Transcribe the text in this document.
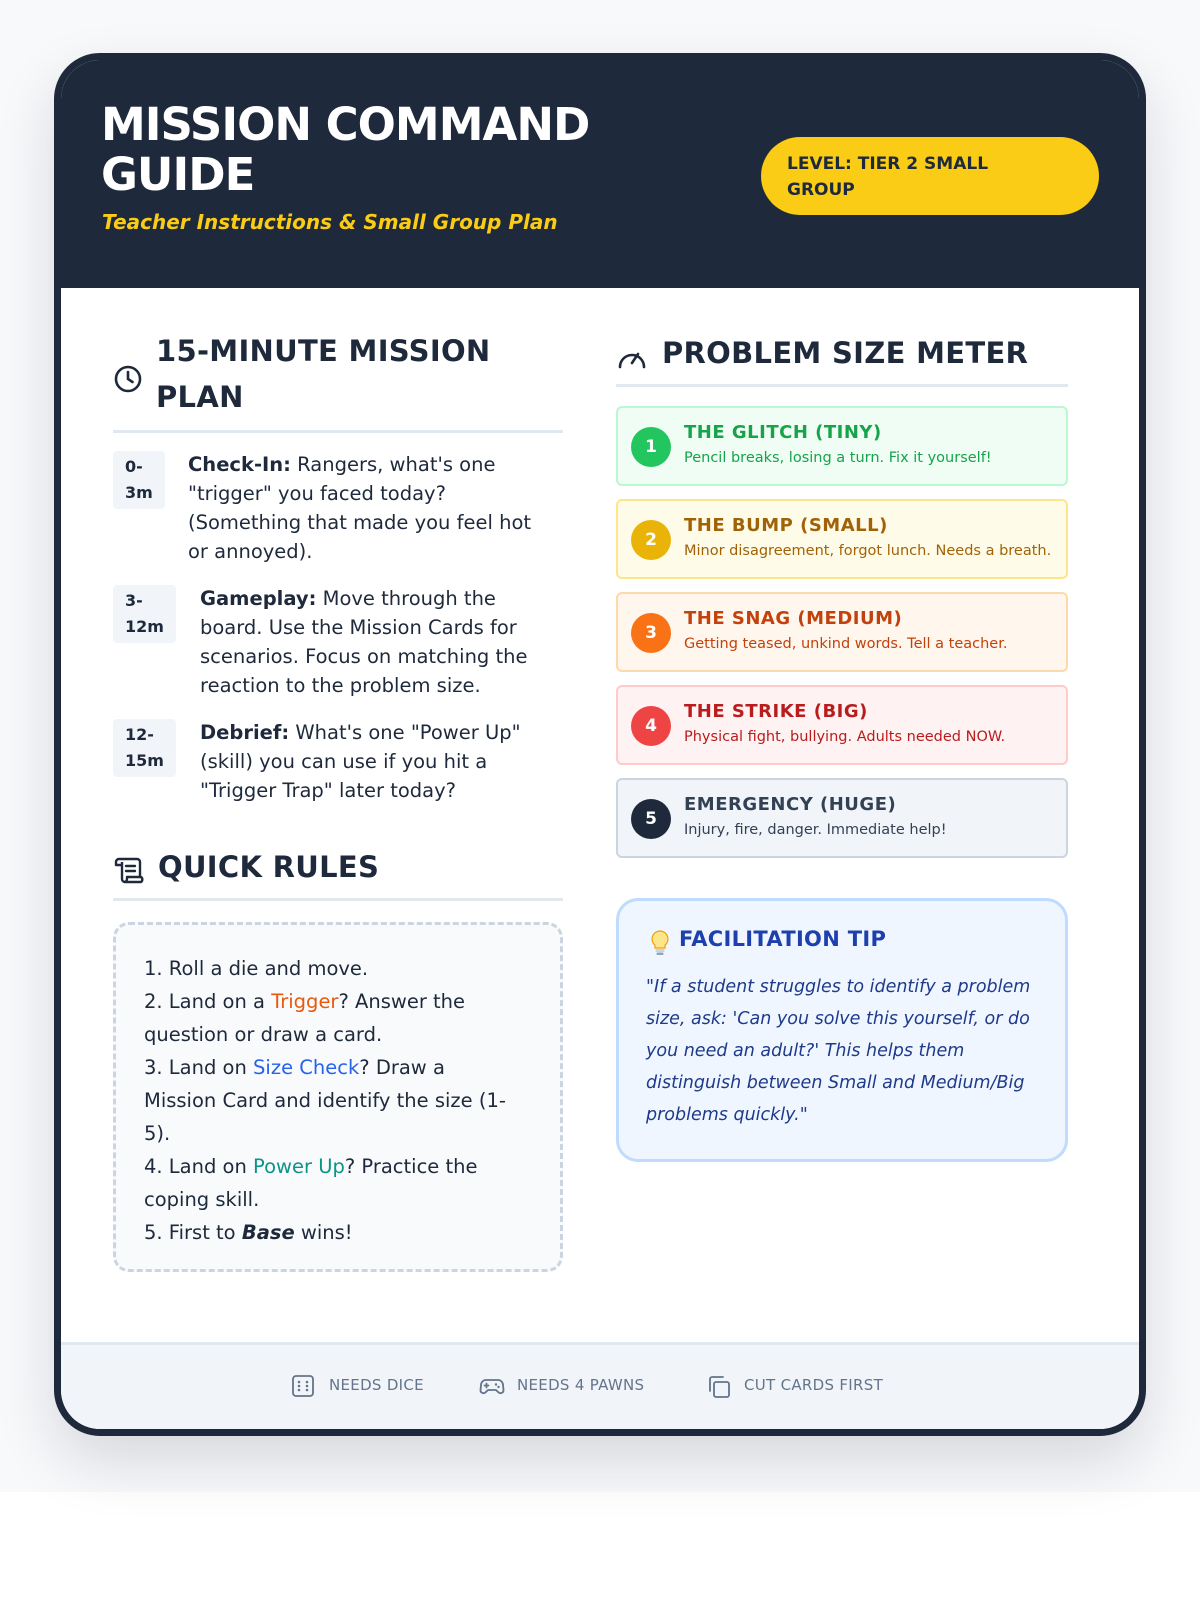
MISSION COMMAND
GUIDE
Teacher Instructions & Small Group Plan
LEVEL: TIER 2 SMALL
GROUP
15-MINUTE MISSION
PLAN
0-
3m
Check-In: Rangers, what's one
"trigger" you faced today?
(Something that made you feel hot
or annoyed).
3-
12m
Gameplay: Move through the
board. Use the Mission Cards for
scenarios. Focus on matching the
reaction to the problem size.
12-
15m
Debrief: What's one "Power Up"
(skill) you can use if you hit a
"Trigger Trap" later today?
QUICK RULES
1. Roll a die and move.
2. Land on a Trigger? Answer the
question or draw a card.
3. Land on Size Check? Draw a
Mission Card and identify the size (1-
5).
4. Land on Power Up? Practice the
coping skill.
5. First to Base wins!
PROBLEM SIZE METER
1
THE GLITCH (TINY)
Pencil breaks, losing a turn. Fix it yourself!
2
THE BUMP (SMALL)
Minor disagreement, forgot lunch. Needs a breath.
3
THE SNAG (MEDIUM)
Getting teased, unkind words. Tell a teacher.
4
THE STRIKE (BIG)
Physical fight, bullying. Adults needed NOW.
5
EMERGENCY (HUGE)
Injury, fire, danger. Immediate help!
FACILITATION TIP
"If a student struggles to identify a problem size, ask: 'Can you solve this yourself, or do you need an adult?' This helps them distinguish between Small and Medium/Big problems quickly."
NEEDS DICE	NEEDS 4 PAWNS	CUT CARDS FIRST
